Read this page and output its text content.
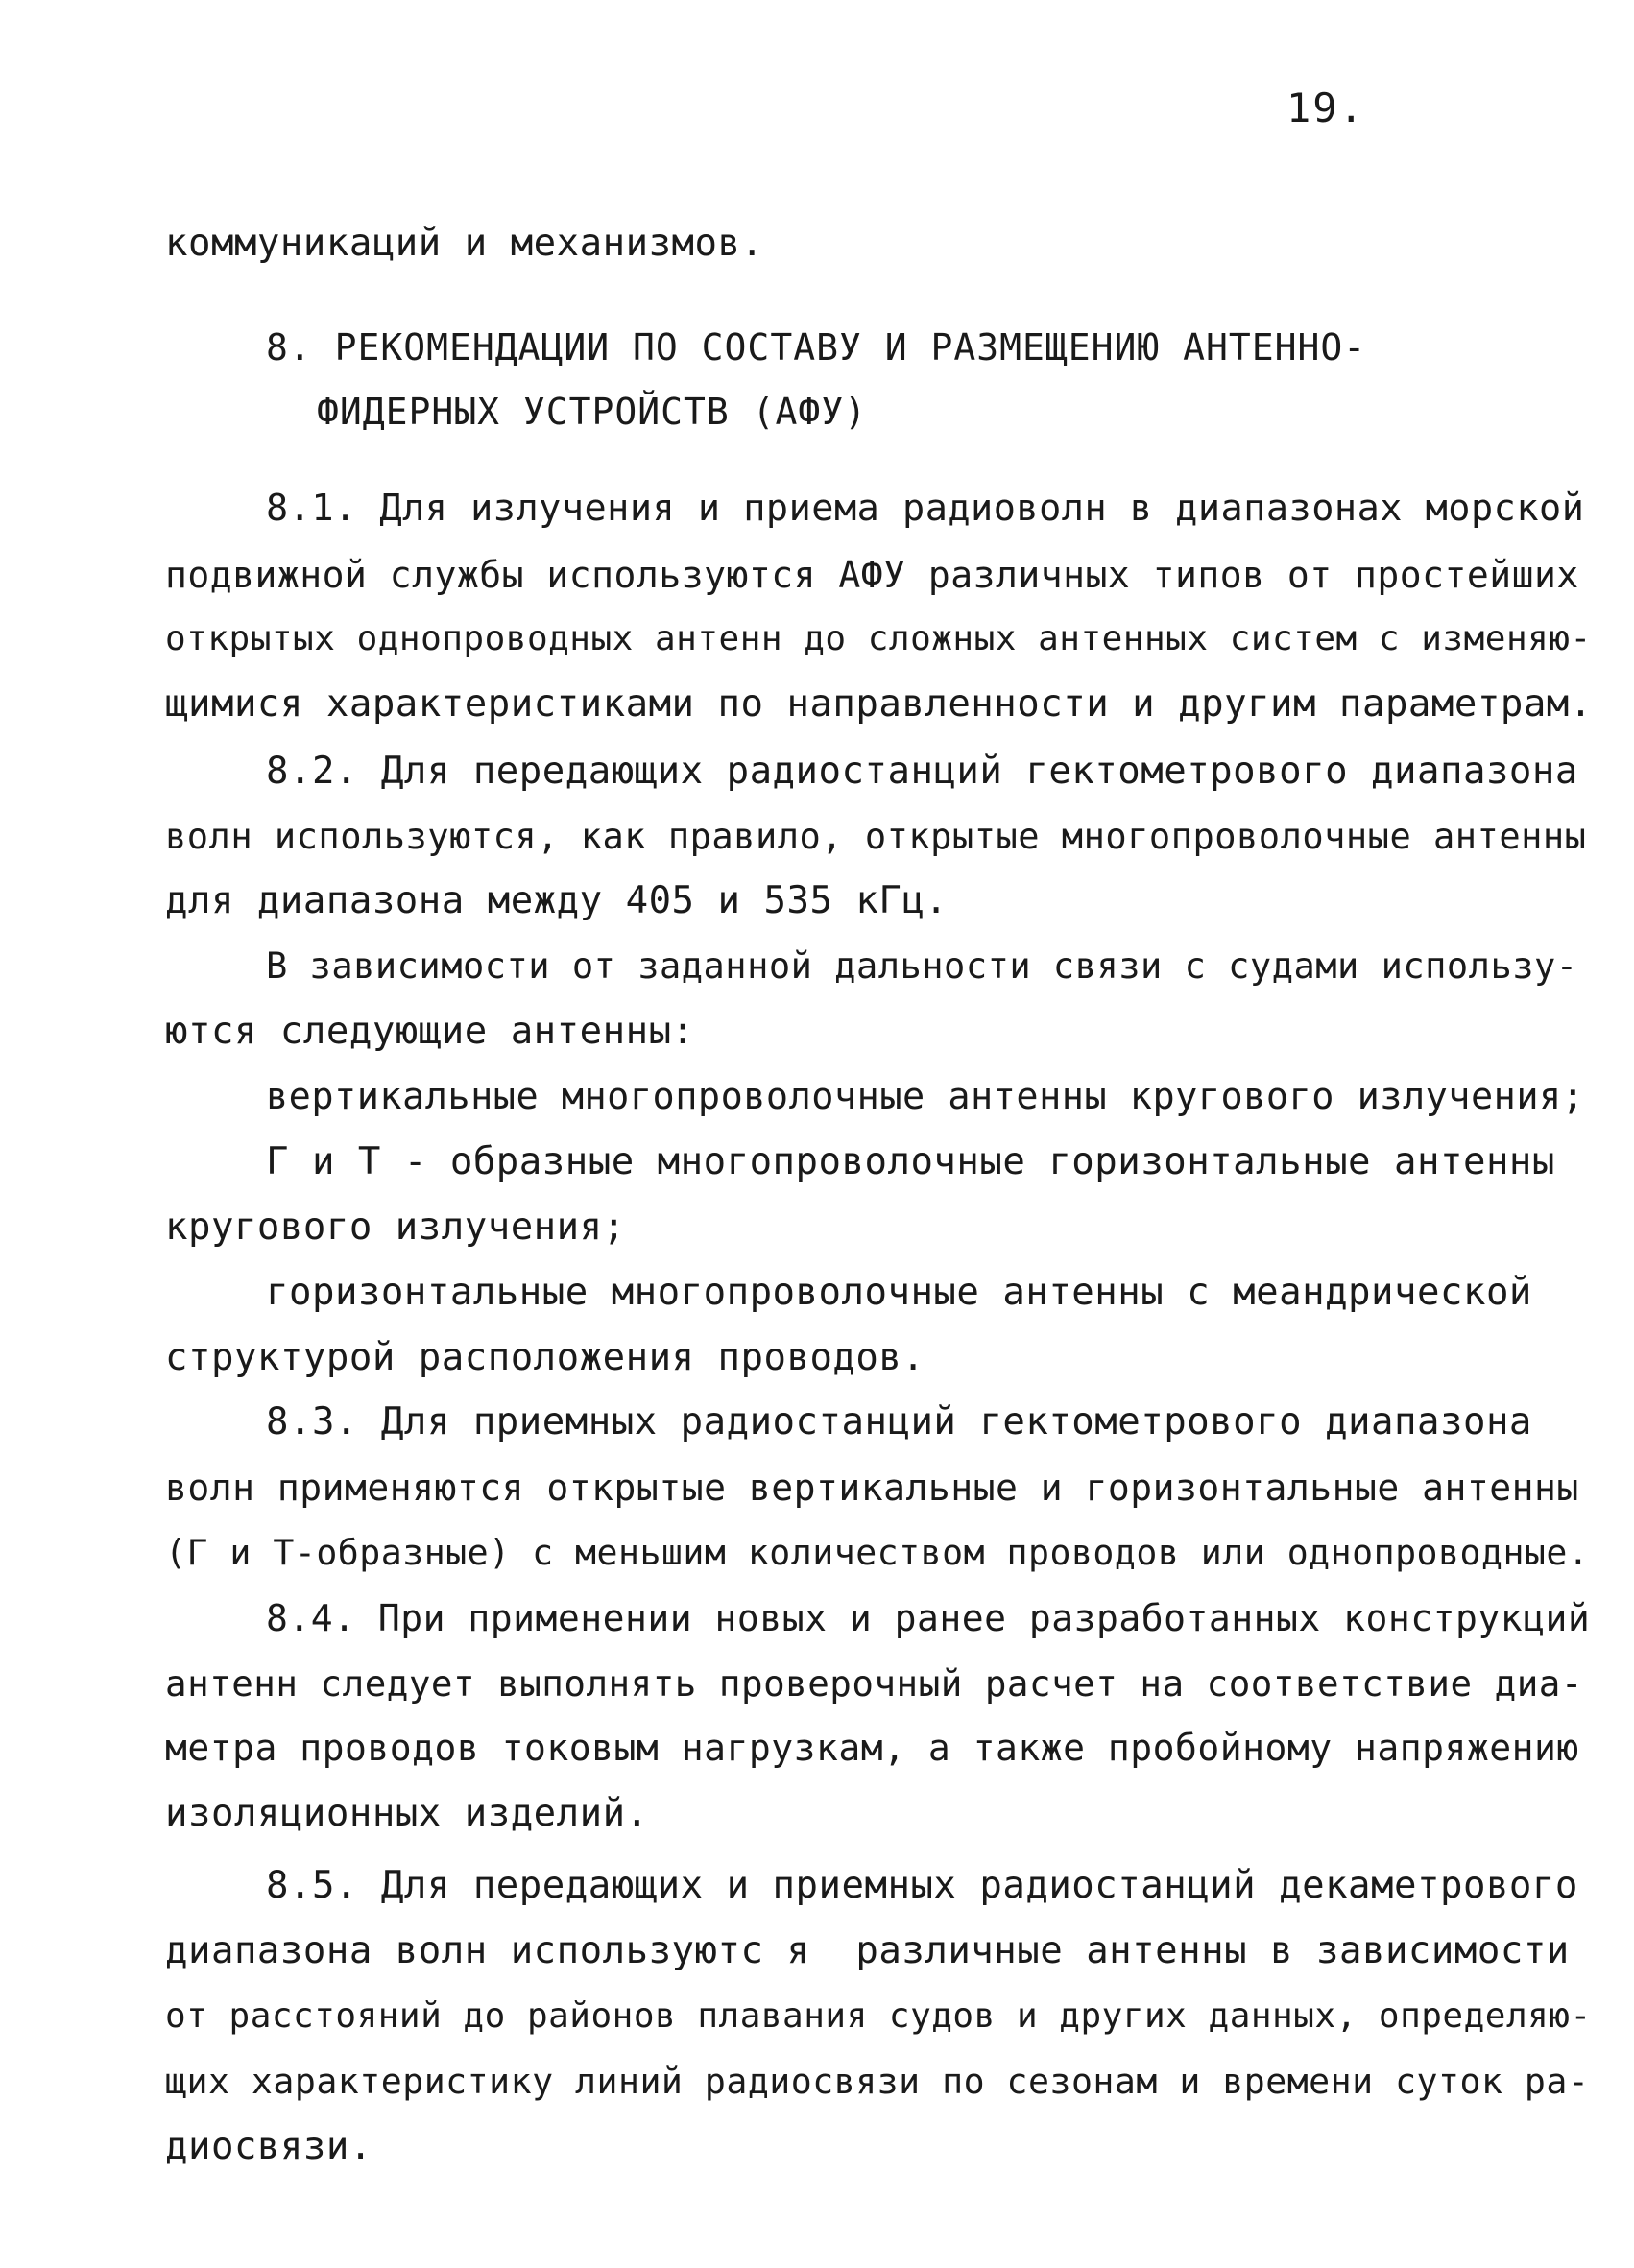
19.
коммуникаций и механизмов.
8. РЕКОМЕНДАЦИИ ПО СОСТАВУ И РАЗМЕЩЕНИЮ АНТЕННО-
ФИДЕРНЫХ УСТРОЙСТВ (АФУ)
8.1. Для излучения и приема радиоволн в диапазонах морской
подвижной службы используются АФУ различных типов от простейших
открытых однопроводных антенн до сложных антенных систем с изменяю-
щимися характеристиками по направленности и другим параметрам.
8.2. Для передающих радиостанций гектометрового диапазона
волн используются, как правило, открытые многопроволочные антенны
для диапазона между 405 и 535 кГц.
В зависимости от заданной дальности связи с судами использу-
ются следующие антенны:
вертикальные многопроволочные антенны кругового излучения;
Г и Т - образные многопроволочные горизонтальные антенны
кругового излучения;
горизонтальные многопроволочные антенны с меандрической
структурой расположения проводов.
8.3. Для приемных радиостанций гектометрового диапазона
волн применяются открытые вертикальные и горизонтальные антенны
(Г и Т-образные) с меньшим количеством проводов или однопроводные.
8.4. При применении новых и ранее разработанных конструкций
антенн следует выполнять проверочный расчет на соответствие диа-
метра проводов токовым нагрузкам, а также пробойному напряжению
изоляционных изделий.
8.5. Для передающих и приемных радиостанций декаметрового
диапазона волн используютс я  различные антенны в зависимости
от расстояний до районов плавания судов и других данных, определяю-
щих характеристику линий радиосвязи по сезонам и времени суток ра-
диосвязи.
